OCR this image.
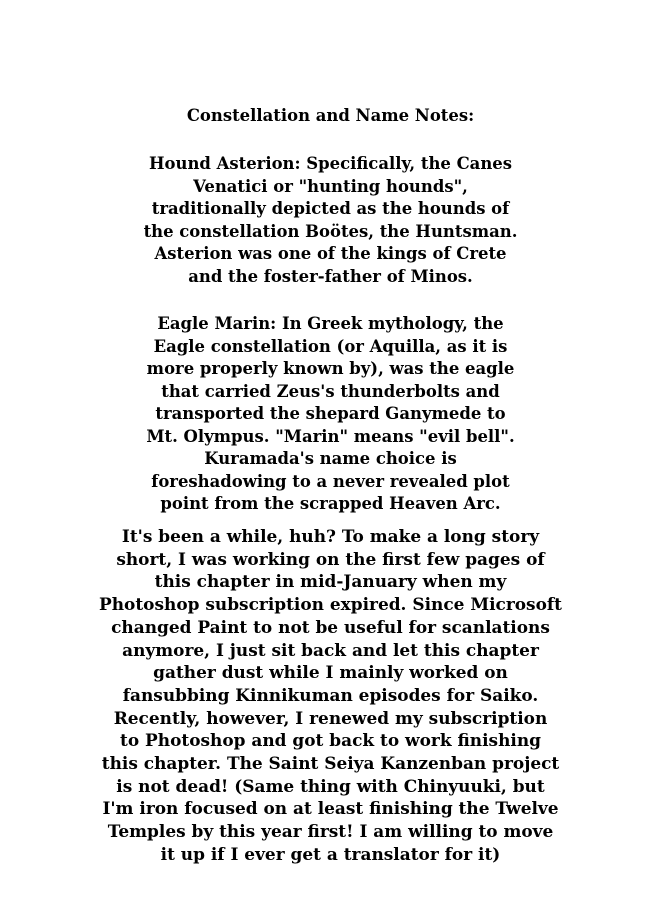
Constellation and Name Notes:
Hound Asterion: Specifically, the Canes
Venatici or "hunting hounds",
traditionally depicted as the hounds of
the constellation Boötes, the Huntsman.
Asterion was one of the kings of Crete
and the foster-father of Minos.
Eagle Marin: In Greek mythology, the
Eagle constellation (or Aquilla, as it is
more properly known by), was the eagle
that carried Zeus's thunderbolts and
transported the shepard Ganymede to
Mt. Olympus. "Marin" means "evil bell".
Kuramada's name choice is
foreshadowing to a never revealed plot
point from the scrapped Heaven Arc.
It's been a while, huh? To make a long story
short, I was working on the first few pages of
this chapter in mid-January when my
Photoshop subscription expired. Since Microsoft
changed Paint to not be useful for scanlations
anymore, I just sit back and let this chapter
gather dust while I mainly worked on
fansubbing Kinnikuman episodes for Saiko.
Recently, however, I renewed my subscription
to Photoshop and got back to work finishing
this chapter. The Saint Seiya Kanzenban project
is not dead! (Same thing with Chinyuuki, but
I'm iron focused on at least finishing the Twelve
Temples by this year first! I am willing to move
it up if I ever get a translator for it)
